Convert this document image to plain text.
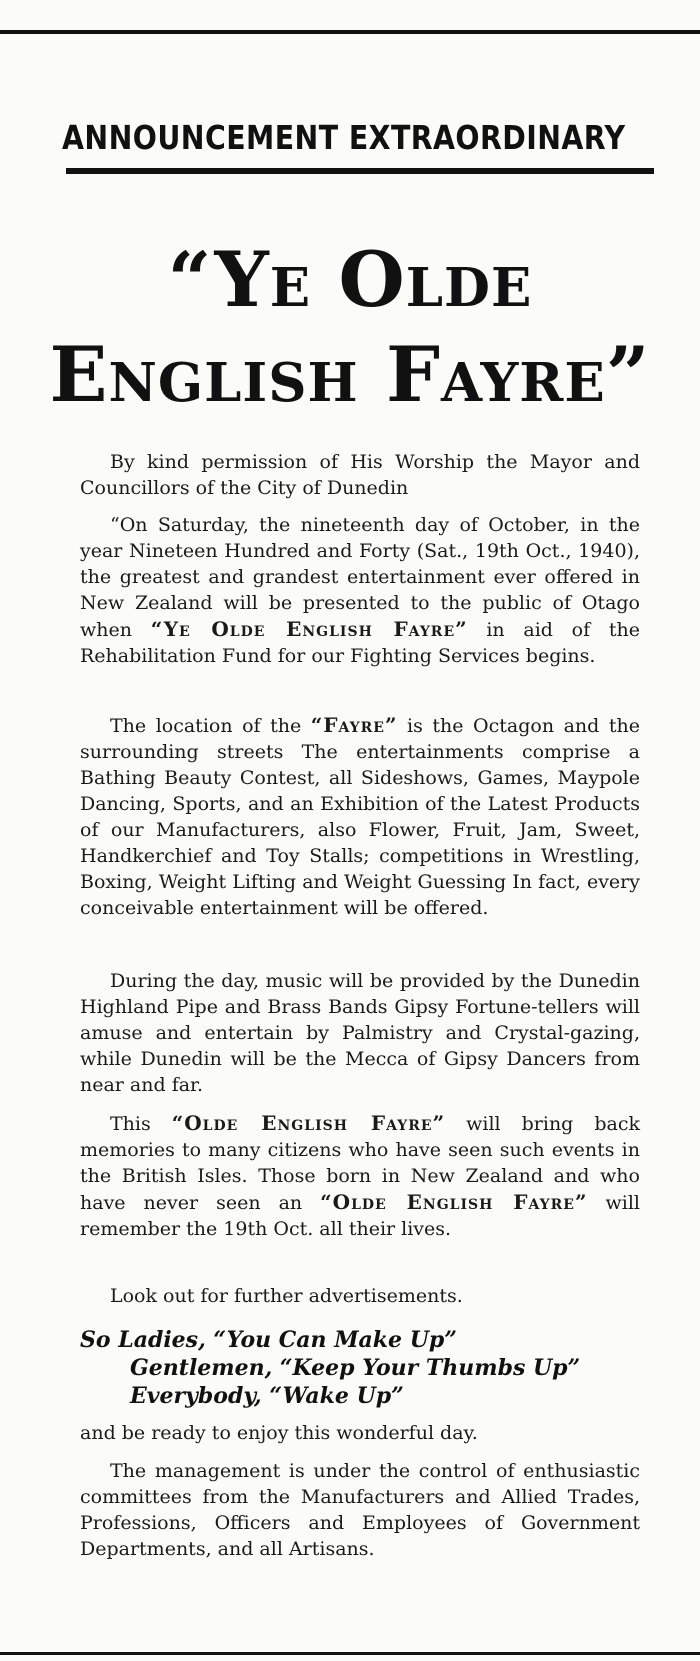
ANNOUNCEMENT EXTRAORDINARY
“Ye Olde
English Fayre”

By kind permission of His Worship the Mayor and Councillors of the City of Dunedin

“On Saturday, the nineteenth day of October, in the year Nineteen Hundred and Forty (Sat., 19th Oct., 1940), the greatest and grandest entertainment ever offered in New Zealand will be presented to the public of Otago when “Ye Olde English Fayre” in aid of the Rehabilitation Fund for our Fighting Services begins.

The location of the “Fayre” is the Octagon and the surrounding streets The entertainments comprise a Bathing Beauty Contest, all Sideshows, Games, Maypole Dancing, Sports, and an Exhibition of the Latest Products of our Manufacturers, also Flower, Fruit, Jam, Sweet, Handkerchief and Toy Stalls; competitions in Wrestling, Boxing, Weight Lifting and Weight Guessing In fact, every conceivable entertainment will be offered.

During the day, music will be provided by the Dunedin Highland Pipe and Brass Bands Gipsy Fortune-tellers will amuse and entertain by Palmistry and Crystal-gazing, while Dunedin will be the Mecca of Gipsy Dancers from near and far.

This “Olde English Fayre” will bring back memories to many citizens who have seen such events in the British Isles. Those born in New Zealand and who have never seen an “Olde English Fayre” will remember the 19th Oct. all their lives.

Look out for further advertisements.

So Ladies, “You Can Make Up”
Gentlemen, “Keep Your Thumbs Up”
Everybody, “Wake Up”

and be ready to enjoy this wonderful day.

The management is under the control of enthusiastic committees from the Manufacturers and Allied Trades, Professions, Officers and Employees of Government Departments, and all Artisans.
